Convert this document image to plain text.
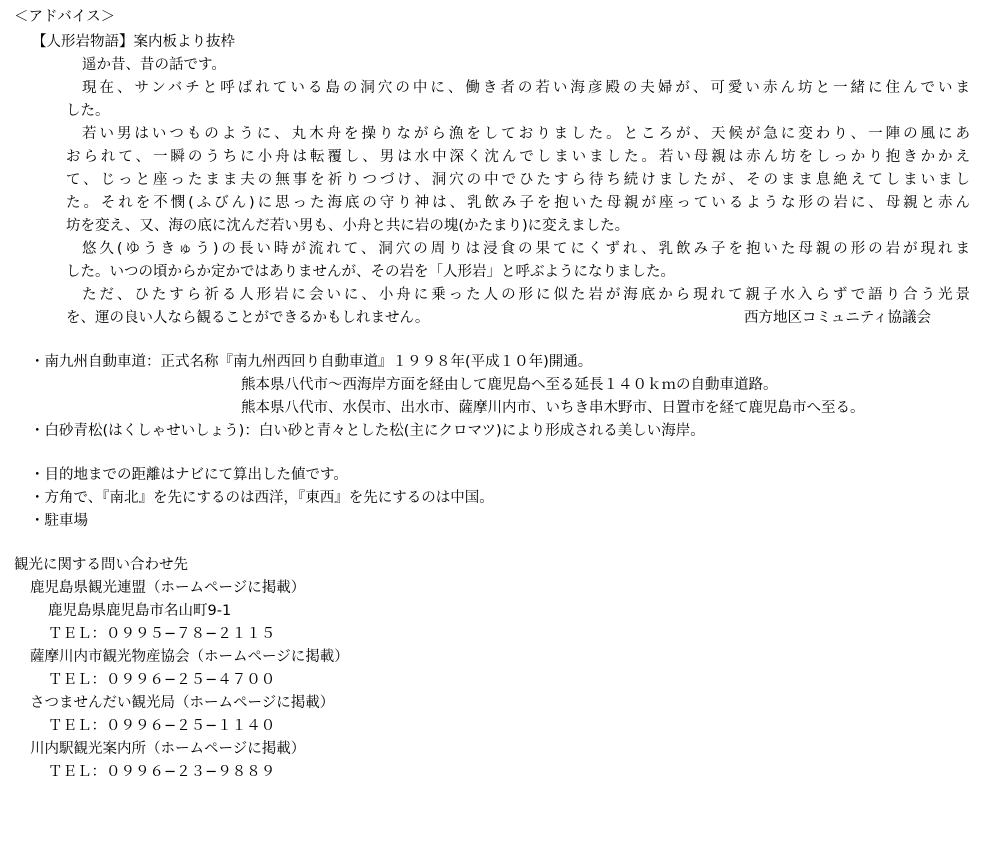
＜アドバイス＞
【人形岩物語】案内板より抜枠
遥か昔、昔の話です。
現在、サンバチと呼ばれている島の洞穴の中に、働き者の若い海彦殿の夫婦が、可愛い赤ん坊と一緒に住んでいま
した。
若い男はいつものように、丸木舟を操りながら漁をしておりました。ところが、天候が急に変わり、一陣の風にあ
おられて、一瞬のうちに小舟は転覆し、男は水中深く沈んでしまいました。若い母親は赤ん坊をしっかり抱きかかえ
て、じっと座ったまま夫の無事を祈りつづけ、洞穴の中でひたすら待ち続けましたが、そのまま息絶えてしまいまし
た。それを不憫(ふびん)に思った海底の守り神は、乳飲み子を抱いた母親が座っているような形の岩に、母親と赤ん
坊を変え、又、海の底に沈んだ若い男も、小舟と共に岩の塊(かたまり)に変えました。
悠久(ゆうきゅう)の長い時が流れて、洞穴の周りは浸食の果てにくずれ、乳飲み子を抱いた母親の形の岩が現れま
した。いつの頃からか定かではありませんが、その岩を「人形岩」と呼ぶようになりました。
ただ、ひたすら祈る人形岩に会いに、小舟に乗った人の形に似た岩が海底から現れて親子水入らずで語り合う光景
を、運の良い人なら観ることができるかもしれません。	西方地区コミュニティ協議会
・南九州自動車道：正式名称『南九州西回り自動車道』１９９８年(平成１０年)開通。
熊本県八代市〜西海岸方面を経由して鹿児島へ至る延長１４０ｋｍの自動車道路。
熊本県八代市、水俣市、出水市、薩摩川内市、いちき串木野市、日置市を経て鹿児島市へ至る。
・白砂青松(はくしゃせいしょう)：白い砂と青々とした松(主にクロマツ)により形成される美しい海岸。
・目的地までの距離はナビにて算出した値です。
・方角で、『南北』を先にするのは西洋，『東西』を先にするのは中国。
・駐車場
観光に関する問い合わせ先
鹿児島県観光連盟（ホームページに掲載）
鹿児島県鹿児島市名山町9-1
ＴＥＬ：０９９５−７８−２１１５
薩摩川内市観光物産協会（ホームページに掲載）
ＴＥＬ：０９９６−２５−４７００
さつませんだい観光局（ホームページに掲載）
ＴＥＬ：０９９６−２５−１１４０
川内駅観光案内所（ホームページに掲載）
ＴＥＬ：０９９６−２３−９８８９
